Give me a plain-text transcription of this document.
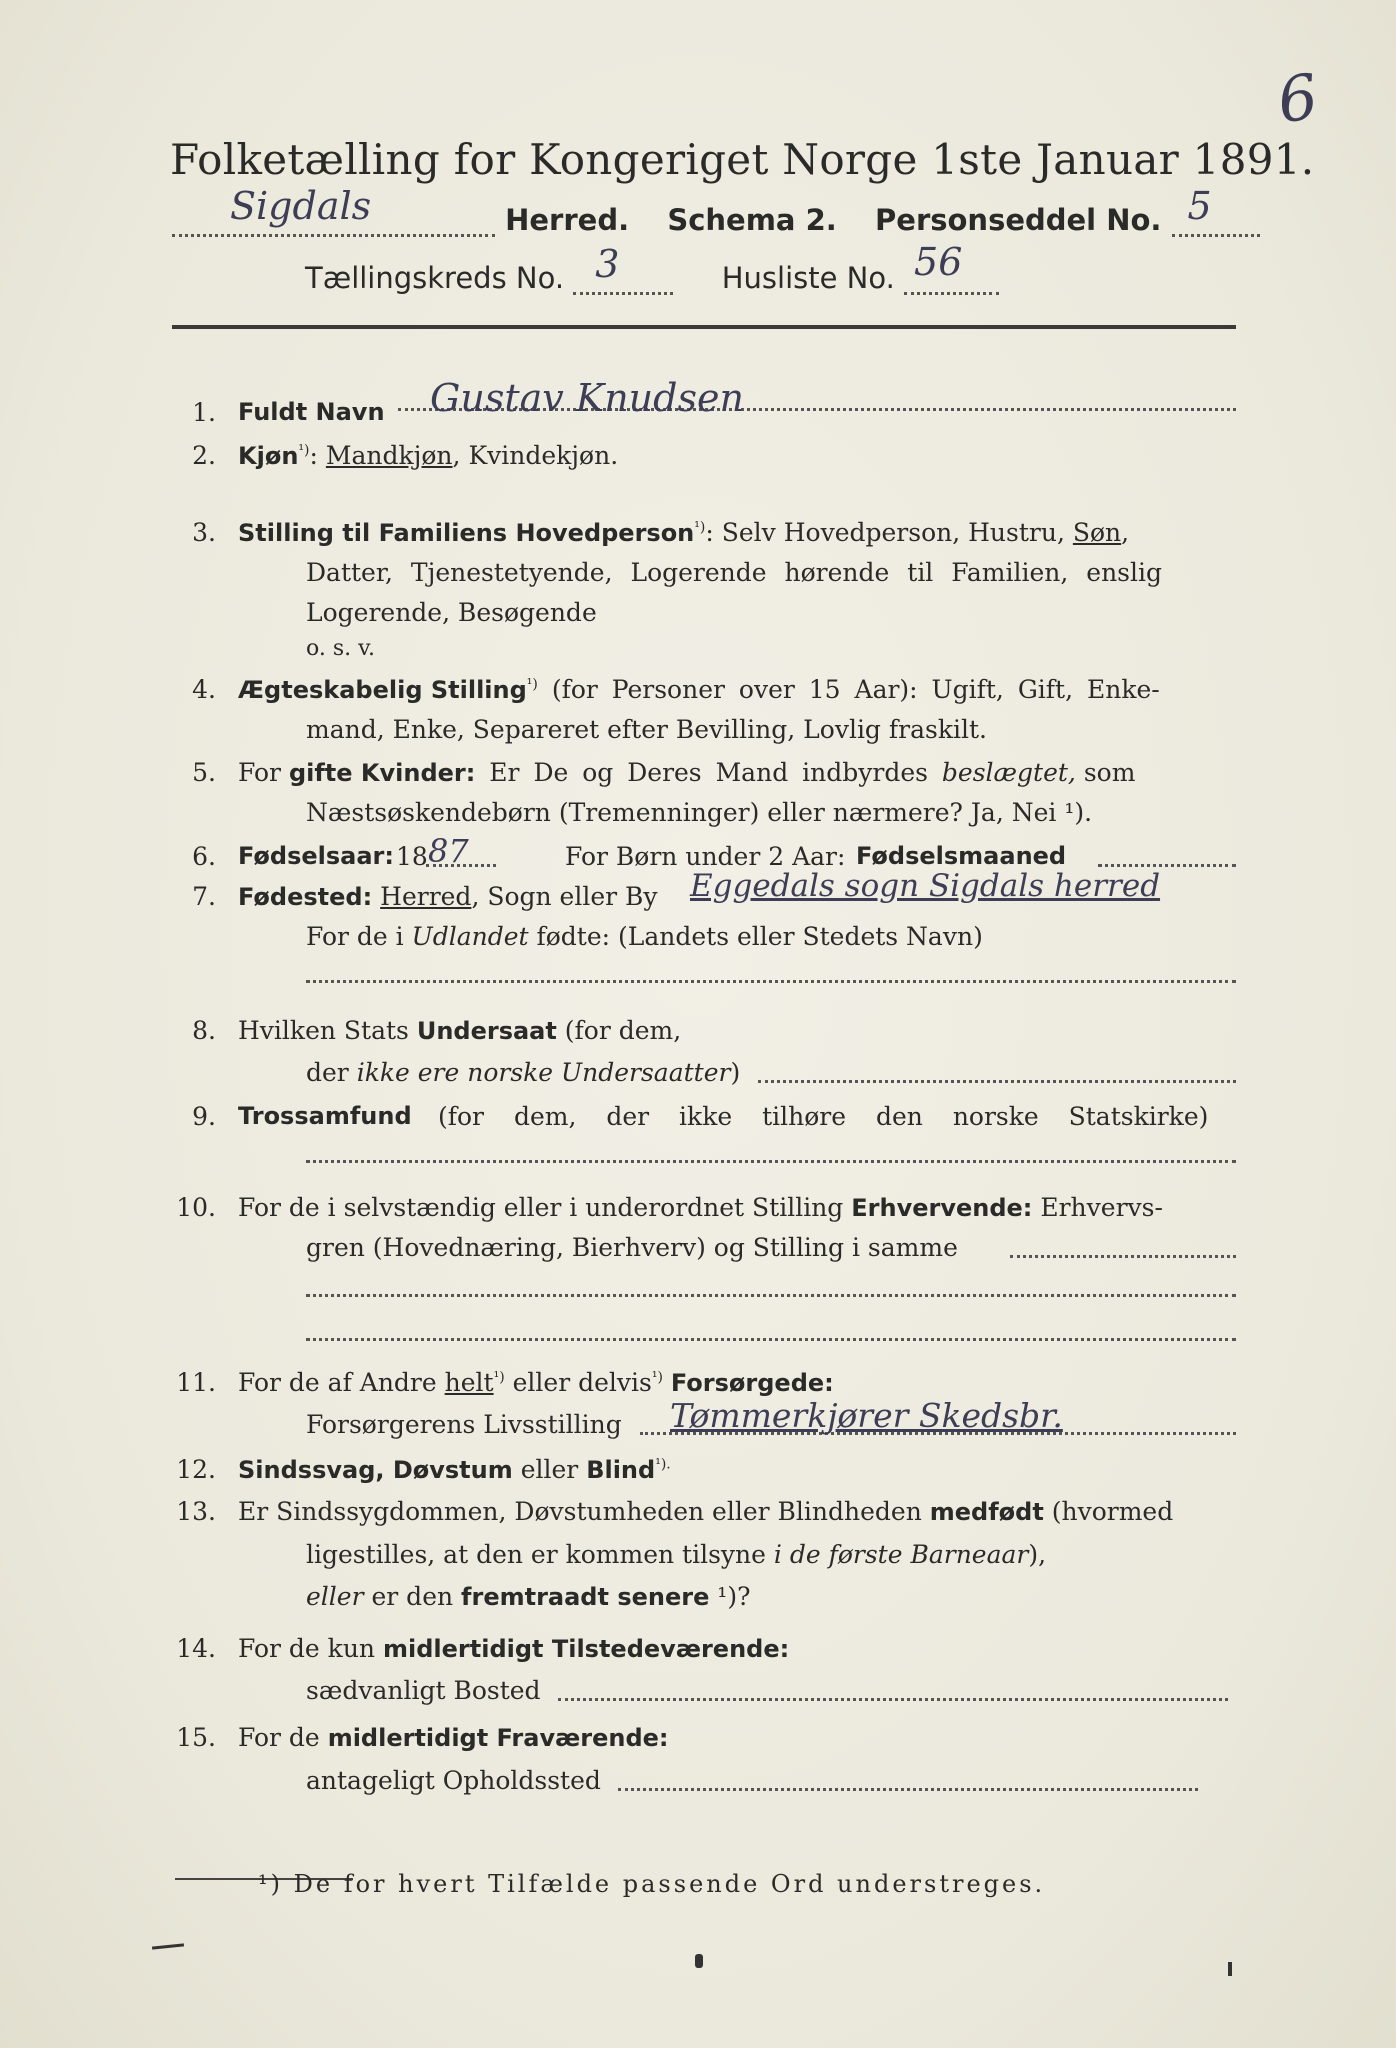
Folketælling for Kongeriget Norge 1ste Januar 1891.
6
Sigdals	Herred. Schema 2. Personseddel No. 5
Tællingskreds No. 3	Husliste No. 56
1. Fuldt Navn Gustav Knudsen
2. Kjøn$^{^1)}$: Mandkjøn, Kvindekjøn.
3. Stilling til Familiens Hovedperson$^{^1)}$: Selv Hovedperson, Hustru, Søn,
Datter, Tjenestetyende, Logerende hørende til Familien, enslig
Logerende, Besøgende
o. s. v.
4. Ægteskabelig Stilling$^{^1)}$ (for Personer over 15 Aar): Ugift, Gift, Enke-
mand, Enke, Separeret efter Bevilling, Lovlig fraskilt.
5. For gifte Kvinder: Er De og Deres Mand indbyrdes beslægtet, som
Næstsøskendebørn (Tremenninger) eller nærmere? Ja, Nei ¹).
6. Fødselsaar: 18 87	For Børn under 2 Aar: Fødselsmaaned
7. Fødested: Herred, Sogn eller By Eggedals sogn Sigdals herred
For de i Udlandet fødte: (Landets eller Stedets Navn)
8. Hvilken Stats Undersaat (for dem,
der ikke ere norske Undersaatter)
9. Trossamfund (for dem, der ikke tilhøre den norske Statskirke)
10. For de i selvstændig eller i underordnet Stilling Erhvervende: Erhvervs-
gren (Hovednæring, Bierhverv) og Stilling i samme
11. For de af Andre helt$^{^1)}$ eller delvis$^{^1)}$ Forsørgede:
Forsørgerens Livsstilling Tømmerkjører Skedsbr.
12. Sindssvag, Døvstum eller Blind$^{^1).}$
13. Er Sindssygdommen, Døvstumheden eller Blindheden medfødt (hvormed
ligestilles, at den er kommen tilsyne i de første Barneaar),
eller er den fremtraadt senere ¹)?
14. For de kun midlertidigt Tilstedeværende:
sædvanligt Bosted
15. For de midlertidigt Fraværende:
antageligt Opholdssted
¹) De for hvert Tilfælde passende Ord understreges.
